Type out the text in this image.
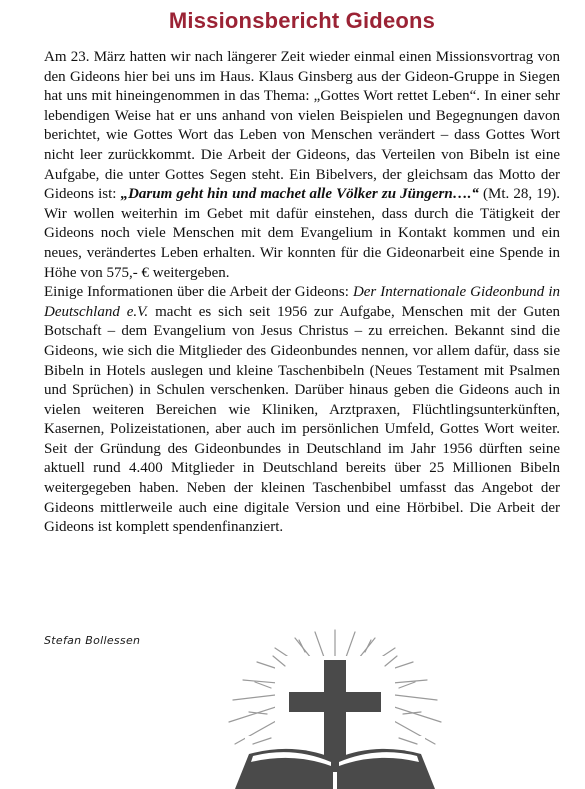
Missionsbericht Gideons

Am 23. März hatten wir nach längerer Zeit wieder einmal einen Missionsvortrag von den Gideons hier bei uns im Haus. Klaus Ginsberg aus der Gideon-Gruppe in Siegen hat uns mit hineingenommen in das Thema: „Gottes Wort rettet Leben“. In einer sehr lebendigen Weise hat er uns anhand von vielen Beispielen und Begegnungen davon berichtet, wie Gottes Wort das Leben von Menschen verändert – dass Gottes Wort nicht leer zurückkommt. Die Arbeit der Gideons, das Verteilen von Bibeln ist eine Aufgabe, die unter Gottes Segen steht. Ein Bibelvers, der gleichsam das Motto der Gideons ist: „Darum geht hin und machet alle Völker zu Jüngern….“ (Mt. 28, 19). Wir wollen weiterhin im Gebet mit dafür einstehen, dass durch die Tätigkeit der Gideons noch viele Menschen mit dem Evangelium in Kontakt kommen und ein neues, verändertes Leben erhalten. Wir konnten für die Gideonarbeit eine Spende in Höhe von 575,- € weitergeben.

Einige Informationen über die Arbeit der Gideons: Der Internationale Gideonbund in Deutschland e.V. macht es sich seit 1956 zur Aufgabe, Menschen mit der Guten Botschaft – dem Evangelium von Jesus Christus – zu erreichen. Bekannt sind die Gideons, wie sich die Mitglieder des Gideonbundes nennen, vor allem dafür, dass sie Bibeln in Hotels auslegen und kleine Taschenbibeln (Neues Testament mit Psalmen und Sprüchen) in Schulen verschenken. Darüber hinaus geben die Gideons auch in vielen weiteren Bereichen wie Kliniken, Arztpraxen, Flüchtlingsunterkünften, Kasernen, Polizeistationen, aber auch im persönlichen Umfeld, Gottes Wort weiter. Seit der Gründung des Gideonbundes in Deutschland im Jahr 1956 dürften seine aktuell rund 4.400 Mitglieder in Deutschland bereits über 25 Millionen Bibeln weitergegeben haben. Neben der kleinen Taschenbibel umfasst das Angebot der Gideons mittlerweile auch eine digitale Version und eine Hörbibel. Die Arbeit der Gideons ist komplett spendenfinanziert.

Stefan Bollessen
